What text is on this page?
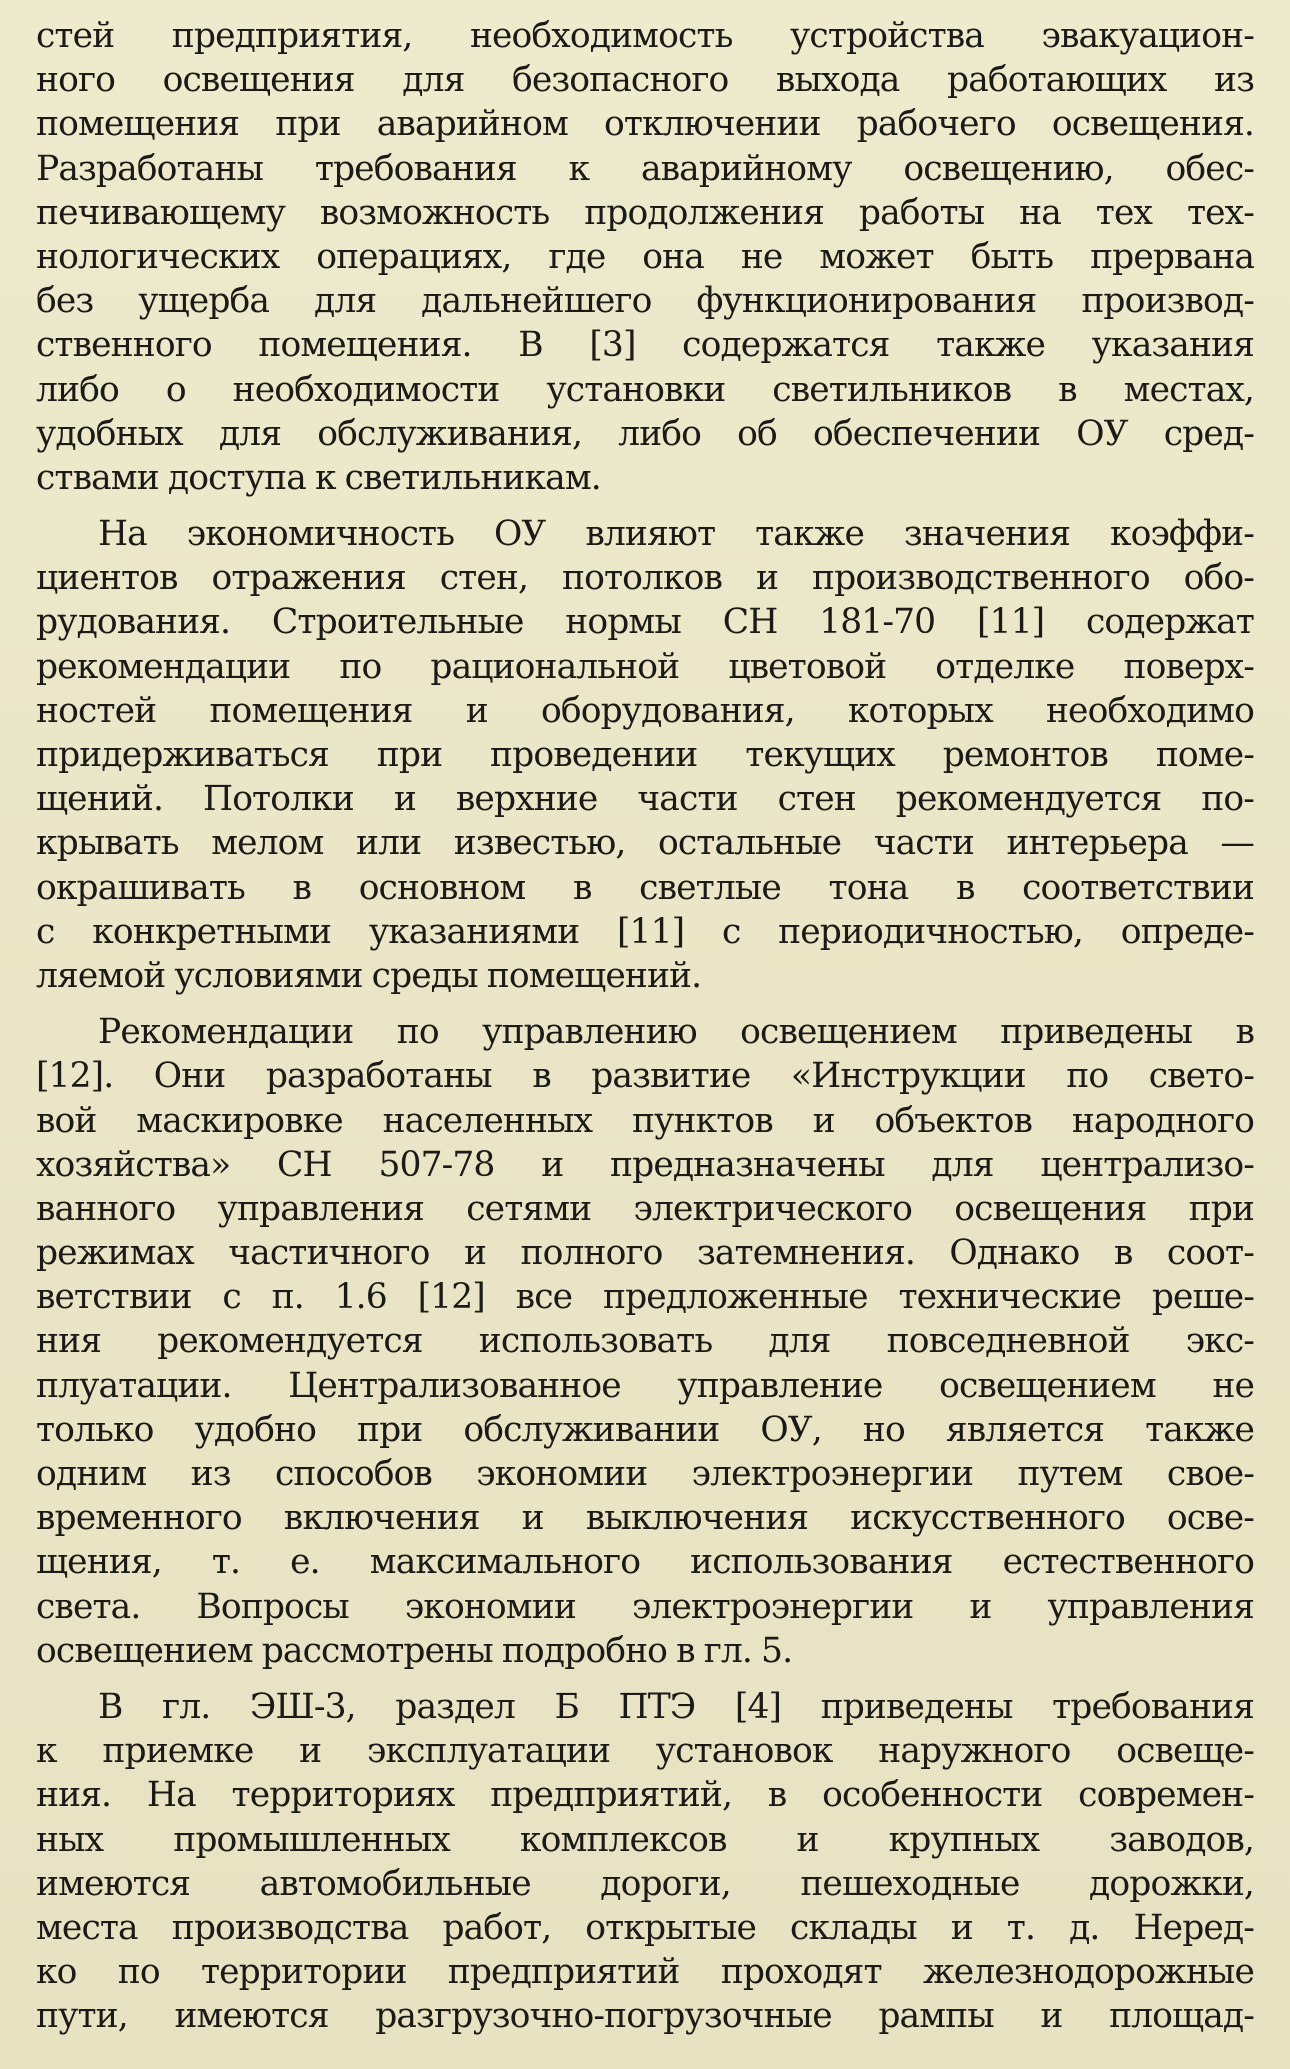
стей предприятия, необходимость устройства эвакуацион-
ного освещения для безопасного выхода работающих из
помещения при аварийном отключении рабочего освещения.
Разработаны требования к аварийному освещению, обес-
печивающему возможность продолжения работы на тех тех-
нологических операциях, где она не может быть прервана
без ущерба для дальнейшего функционирования производ-
ственного помещения. В [3] содержатся также указания
либо о необходимости установки светильников в местах,
удобных для обслуживания, либо об обеспечении ОУ сред-
ствами доступа к светильникам.
На экономичность ОУ влияют также значения коэффи-
циентов отражения стен, потолков и производственного обо-
рудования. Строительные нормы СН 181-70 [11] содержат
рекомендации по рациональной цветовой отделке поверх-
ностей помещения и оборудования, которых необходимо
придерживаться при проведении текущих ремонтов поме-
щений. Потолки и верхние части стен рекомендуется по-
крывать мелом или известью, остальные части интерьера —
окрашивать в основном в светлые тона в соответствии
с конкретными указаниями [11] с периодичностью, опреде-
ляемой условиями среды помещений.
Рекомендации по управлению освещением приведены в
[12]. Они разработаны в развитие «Инструкции по свето-
вой маскировке населенных пунктов и объектов народного
хозяйства» СН 507-78 и предназначены для централизо-
ванного управления сетями электрического освещения при
режимах частичного и полного затемнения. Однако в соот-
ветствии с п. 1.6 [12] все предложенные технические реше-
ния рекомендуется использовать для повседневной экс-
плуатации. Централизованное управление освещением не
только удобно при обслуживании ОУ, но является также
одним из способов экономии электроэнергии путем свое-
временного включения и выключения искусственного осве-
щения, т. е. максимального использования естественного
света. Вопросы экономии электроэнергии и управления
освещением рассмотрены подробно в гл. 5.
В гл. ЭШ-3, раздел Б ПТЭ [4] приведены требования
к приемке и эксплуатации установок наружного освеще-
ния. На территориях предприятий, в особенности современ-
ных промышленных комплексов и крупных заводов,
имеются автомобильные дороги, пешеходные дорожки,
места производства работ, открытые склады и т. д. Неред-
ко по территории предприятий проходят железнодорожные
пути, имеются разгрузочно-погрузочные рампы и площад-
